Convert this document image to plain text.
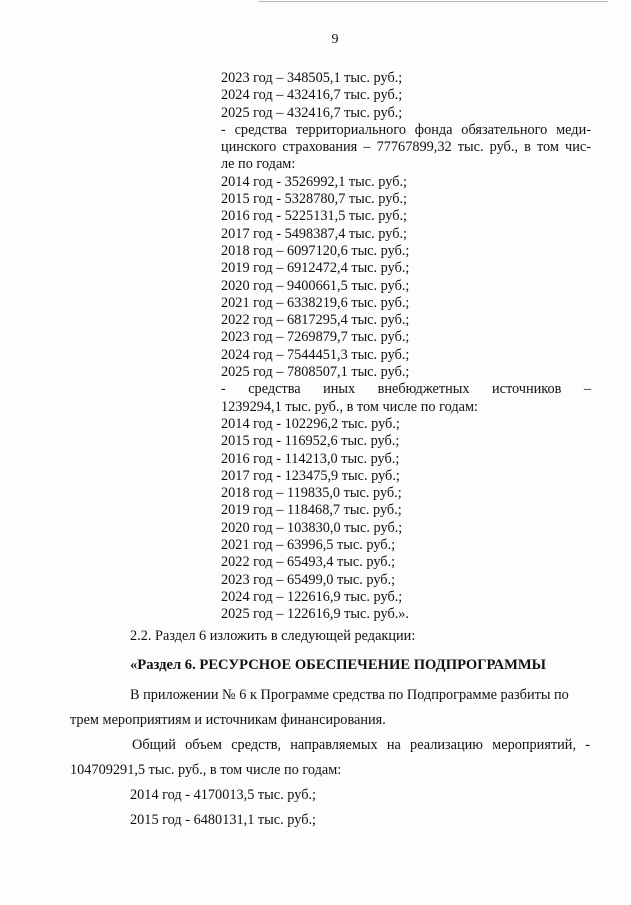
9
2023 год – 348505,1 тыс. руб.;
2024 год – 432416,7 тыс. руб.;
2025 год – 432416,7 тыс. руб.;
- средства территориального фонда обязательного меди-
цинского страхования – 77767899,32 тыс. руб., в том чис-
ле по годам:
2014 год - 3526992,1 тыс. руб.;
2015 год - 5328780,7 тыс. руб.;
2016 год - 5225131,5 тыс. руб.;
2017 год - 5498387,4 тыс. руб.;
2018 год – 6097120,6 тыс. руб.;
2019 год – 6912472,4 тыс. руб.;
2020 год – 9400661,5 тыс. руб.;
2021 год – 6338219,6 тыс. руб.;
2022 год – 6817295,4 тыс. руб.;
2023 год – 7269879,7 тыс. руб.;
2024 год – 7544451,3 тыс. руб.;
2025 год – 7808507,1 тыс. руб.;
- средства иных внебюджетных источников –
1239294,1 тыс. руб., в том числе по годам:
2014 год - 102296,2 тыс. руб.;
2015 год - 116952,6 тыс. руб.;
2016 год - 114213,0 тыс. руб.;
2017 год - 123475,9 тыс. руб.;
2018 год – 119835,0 тыс. руб.;
2019 год – 118468,7 тыс. руб.;
2020 год – 103830,0 тыс. руб.;
2021 год – 63996,5 тыс. руб.;
2022 год – 65493,4 тыс. руб.;
2023 год – 65499,0 тыс. руб.;
2024 год – 122616,9 тыс. руб.;
2025 год – 122616,9 тыс. руб.».
2.2. Раздел 6 изложить в следующей редакции:
«Раздел 6. РЕСУРСНОЕ ОБЕСПЕЧЕНИЕ ПОДПРОГРАММЫ
В приложении № 6 к Программе средства по Подпрограмме разбиты по
трем мероприятиям и источникам финансирования.
Общий объем средств, направляемых на реализацию мероприятий, -
104709291,5 тыс. руб., в том числе по годам:
2014 год - 4170013,5 тыс. руб.;
2015 год - 6480131,1 тыс. руб.;
